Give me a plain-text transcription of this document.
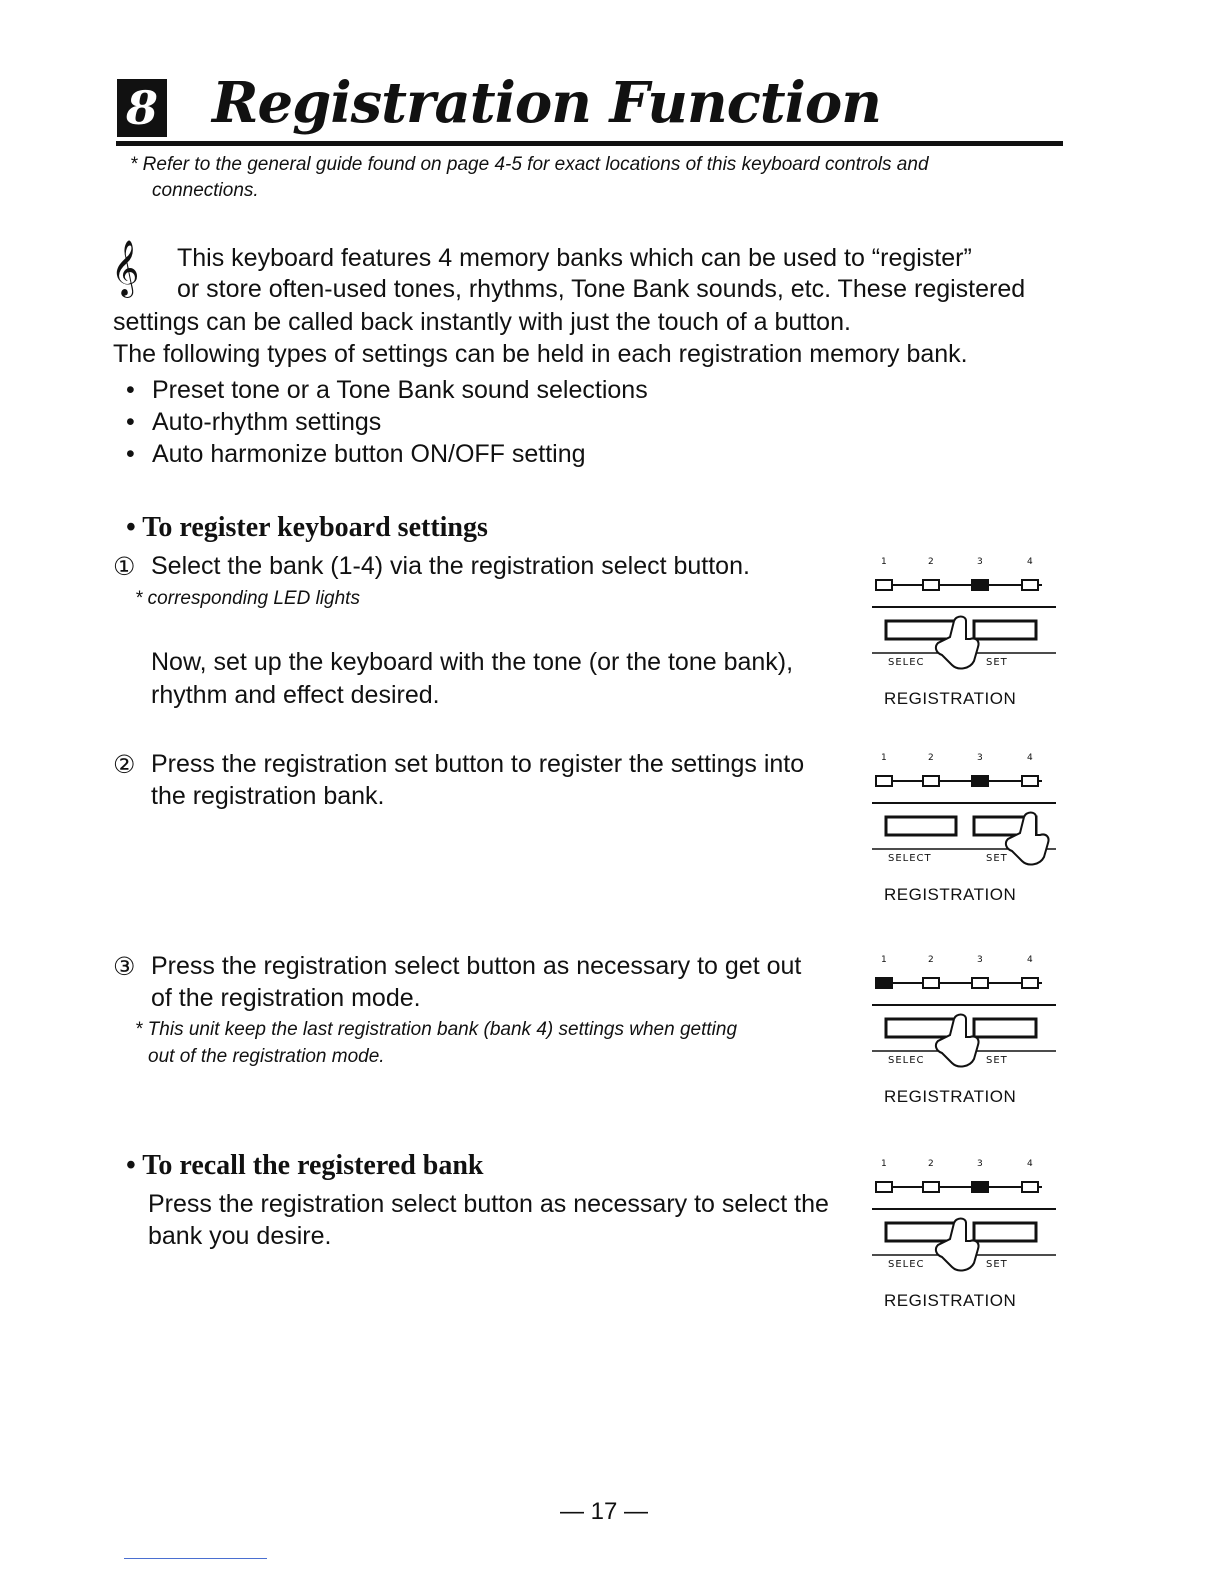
8 Registration Function
* Refer to the general guide found on page 4-5 for exact locations of this keyboard controls and
connections.
𝄞 This keyboard features 4 memory banks which can be used to “register”
or store often-used tones, rhythms, Tone Bank sounds, etc. These registered
settings can be called back instantly with just the touch of a button.
The following types of settings can be held in each registration memory bank.
• Preset tone or a Tone Bank sound selections
• Auto-rhythm settings
• Auto harmonize button ON/OFF setting
• To register keyboard settings
① Select the bank (1-4) via the registration select button.
* corresponding LED lights
Now, set up the keyboard with the tone (or the tone bank),
rhythm and effect desired.
② Press the registration set button to register the settings into
the registration bank.
③ Press the registration select button as necessary to get out
of the registration mode.
* This unit keep the last registration bank (bank 4) settings when getting
out of the registration mode.
• To recall the registered bank
Press the registration select button as necessary to select the
bank you desire.
1	2	3	4
SELEC	SET
REGISTRATION
1	2	3	4
SELECT	SET
REGISTRATION
1	2	3	4
SELEC	SET
REGISTRATION
1	2	3	4
SELEC	SET
REGISTRATION
— 17 —
